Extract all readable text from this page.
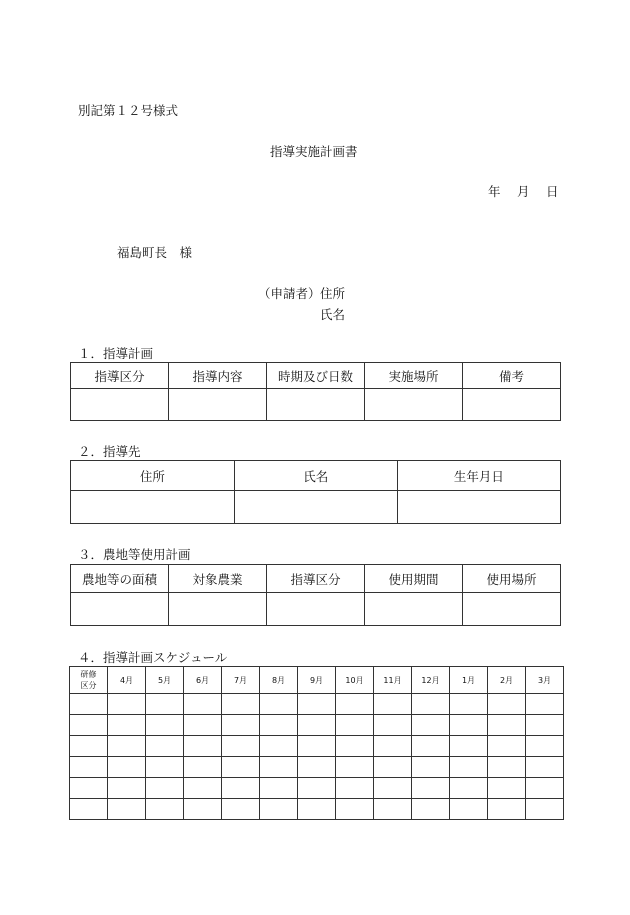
別記第１２号様式
指導実施計画書
年　月　日
福島町長　様
（申請者） 住所
氏名
１．指導計画
指導区分	指導内容	時期及び日数	実施場所	備考

２．指導先
住所	氏名	生年月日

３．農地等使用計画
農地等の面積	対象農業	指導区分	使用期間	使用場所

４．指導計画スケジュール
研修
区分	4月	5月	6月	7月	8月	9月	10月	11月	12月	1月	2月	3月
